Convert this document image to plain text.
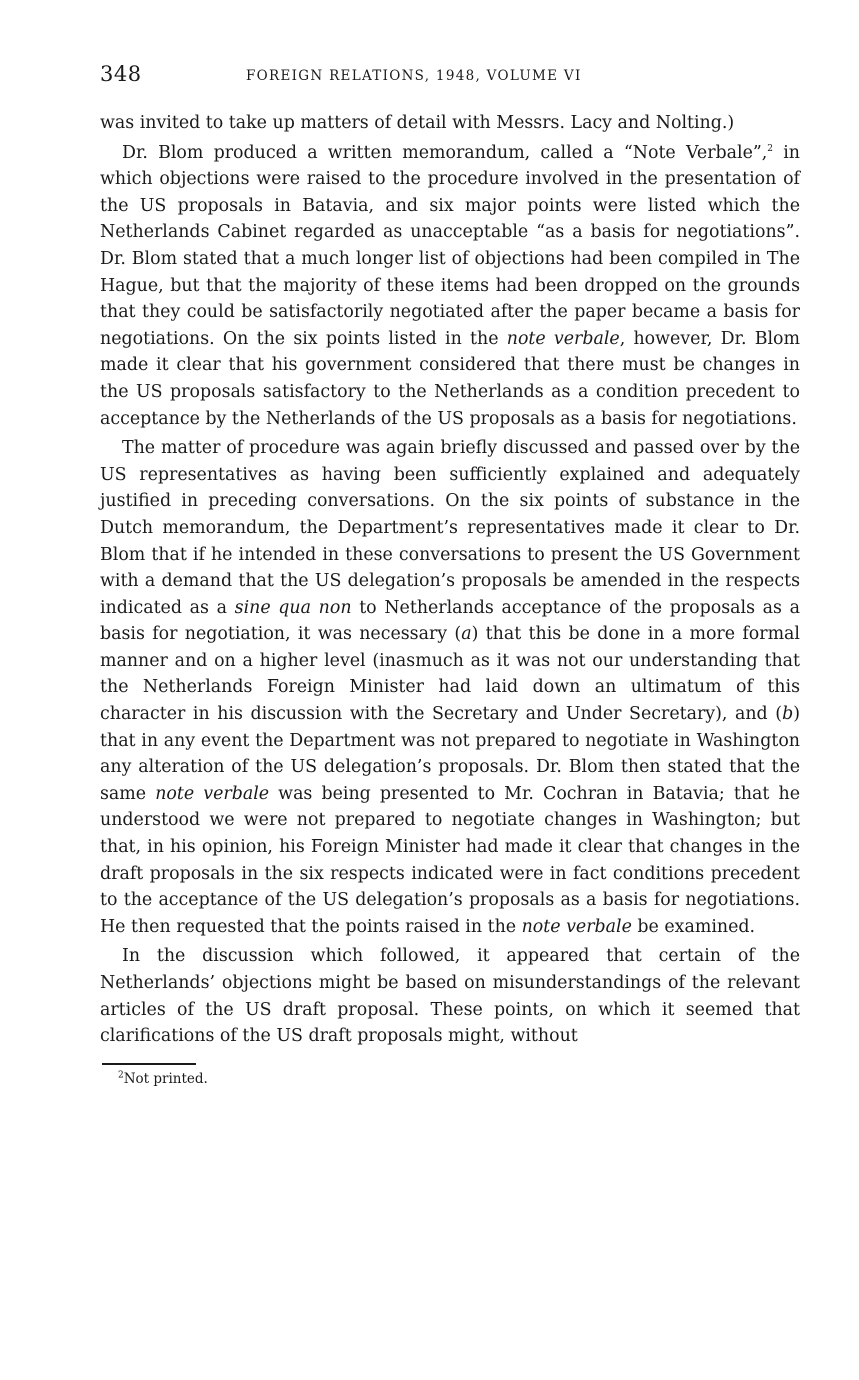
348	FOREIGN RELATIONS, 1948, VOLUME VI

was invited to take up matters of detail with Messrs. Lacy and Nolting.)

Dr. Blom produced a written memorandum, called a “Note Verbale”,$^2$ in which objections were raised to the procedure involved in the presentation of the US proposals in Batavia, and six major points were listed which the Netherlands Cabinet regarded as unacceptable “as a basis for negotiations”. Dr. Blom stated that a much longer list of objections had been compiled in The Hague, but that the majority of these items had been dropped on the grounds that they could be satisfactorily negotiated after the paper became a basis for negotiations. On the six points listed in the note verbale, however, Dr. Blom made it clear that his government considered that there must be changes in the US proposals satisfactory to the Netherlands as a condition precedent to acceptance by the Netherlands of the US proposals as a basis for negotiations.

The matter of procedure was again briefly discussed and passed over by the US representatives as having been sufficiently explained and adequately justified in preceding conversations. On the six points of substance in the Dutch memorandum, the Department’s representatives made it clear to Dr. Blom that if he intended in these conversations to present the US Government with a demand that the US delegation’s proposals be amended in the respects indicated as a sine qua non to Netherlands acceptance of the proposals as a basis for negotiation, it was necessary (a) that this be done in a more formal manner and on a higher level (inasmuch as it was not our understanding that the Netherlands Foreign Minister had laid down an ultimatum of this character in his discussion with the Secretary and Under Secretary), and (b) that in any event the Department was not prepared to negotiate in Washington any alteration of the US delegation’s proposals. Dr. Blom then stated that the same note verbale was being presented to Mr. Cochran in Batavia; that he understood we were not prepared to negotiate changes in Washington; but that, in his opinion, his Foreign Minister had made it clear that changes in the draft proposals in the six respects indicated were in fact conditions precedent to the acceptance of the US delegation’s proposals as a basis for negotiations. He then requested that the points raised in the note verbale be examined.

In the discussion which followed, it appeared that certain of the Netherlands’ objections might be based on misunderstandings of the relevant articles of the US draft proposal. These points, on which it seemed that clarifications of the US draft proposals might, without

$^2$Not printed.
